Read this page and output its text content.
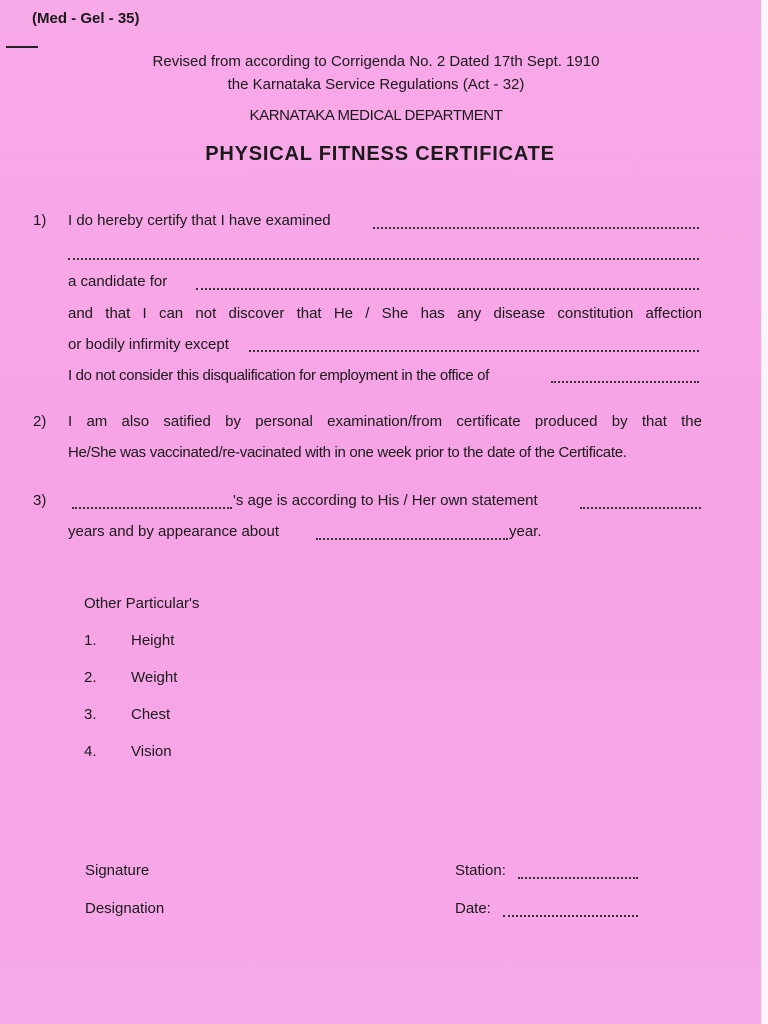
(Med - Gel - 35)
Revised from according to Corrigenda No. 2 Dated 17th Sept. 1910
the Karnataka Service Regulations (Act - 32)
KARNATAKA MEDICAL DEPARTMENT
PHYSICAL FITNESS CERTIFICATE
1) I do hereby certify that I have examined
a candidate for
and that I can not discover that He / She has any disease constitution affection
or bodily infirmity except
I do not consider this disqualification for employment in the office of
2) I am also satified by personal examination/from certificate produced by that the
He/She was vaccinated/re-vacinated with in one week prior to the date of the Certificate.
3)	's age is according to His / Her own statement
years and by appearance about	year.
Other Particular's
1. Height
2. Weight
3. Chest
4. Vision
Signature
Designation
Station:
Date:
